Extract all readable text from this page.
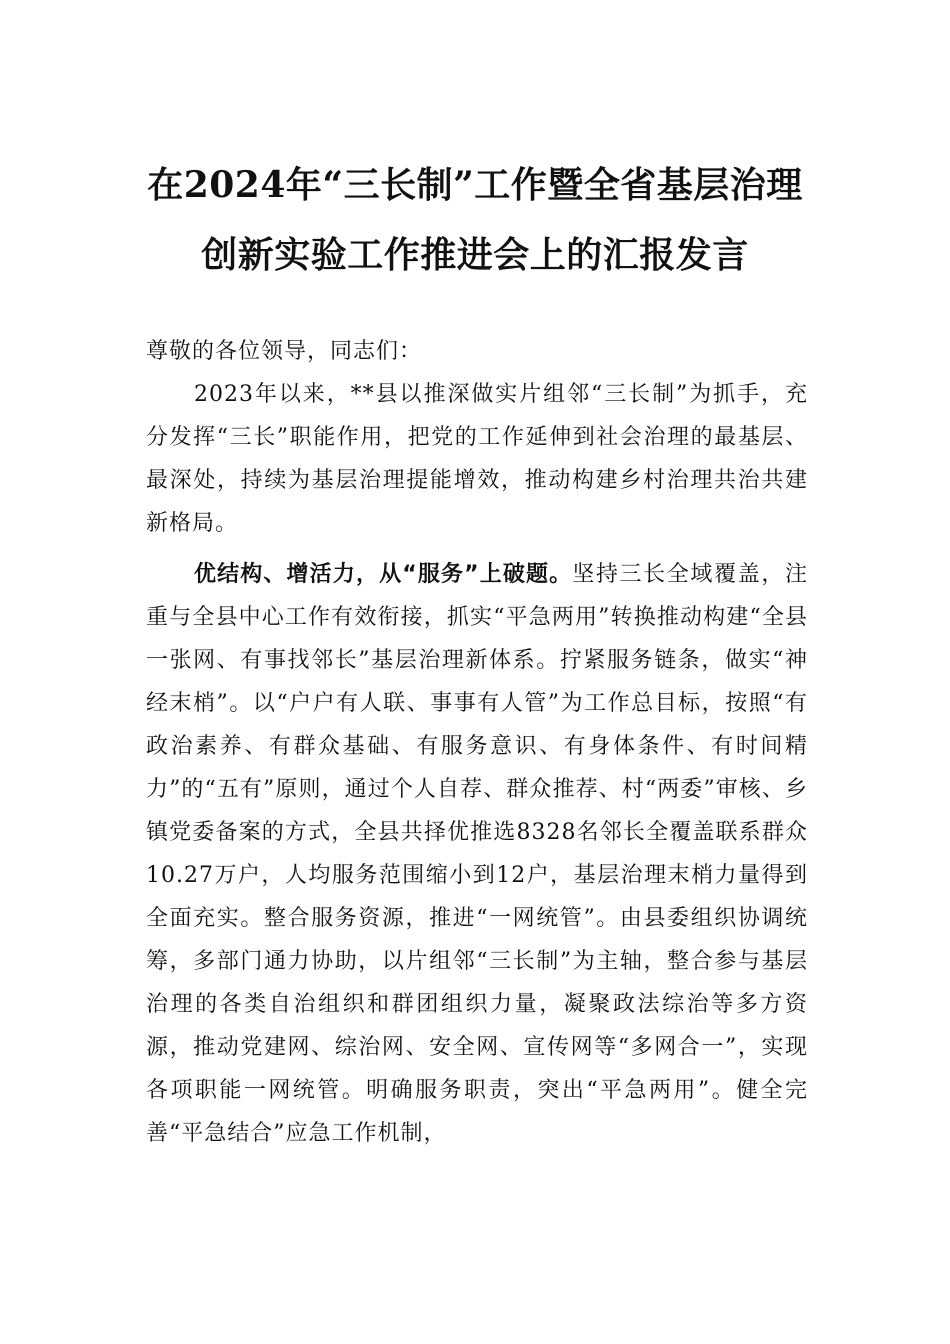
在2024年“三长制”工作暨全省基层治理
创新实验工作推进会上的汇报发言
尊敬的各位领导，同志们：
2023年以来，**县以推深做实片组邻“三长制”为抓手，充分发挥“三长”职能作用，把党的工作延伸到社会治理的最基层、最深处，持续为基层治理提能增效，推动构建乡村治理共治共建新格局。
优结构、增活力，从“服务”上破题。坚持三长全域覆盖，注重与全县中心工作有效衔接，抓实“平急两用”转换推动构建“全县一张网、有事找邻长”基层治理新体系。拧紧服务链条，做实“神经末梢”。以“户户有人联、事事有人管”为工作总目标，按照“有政治素养、有群众基础、有服务意识、有身体条件、有时间精力”的“五有”原则，通过个人自荐、群众推荐、村“两委”审核、乡镇党委备案的方式，全县共择优推选8328名邻长全覆盖联系群众10.27万户，人均服务范围缩小到12户，基层治理末梢力量得到全面充实。整合服务资源，推进“一网统管”。由县委组织协调统筹，多部门通力协助，以片组邻“三长制”为主轴，整合参与基层治理的各类自治组织和群团组织力量，凝聚政法综治等多方资源，推动党建网、综治网、安全网、宣传网等“多网合一”，实现各项职能一网统管。明确服务职责，突出“平急两用”。健全完善“平急结合”应急工作机制，
